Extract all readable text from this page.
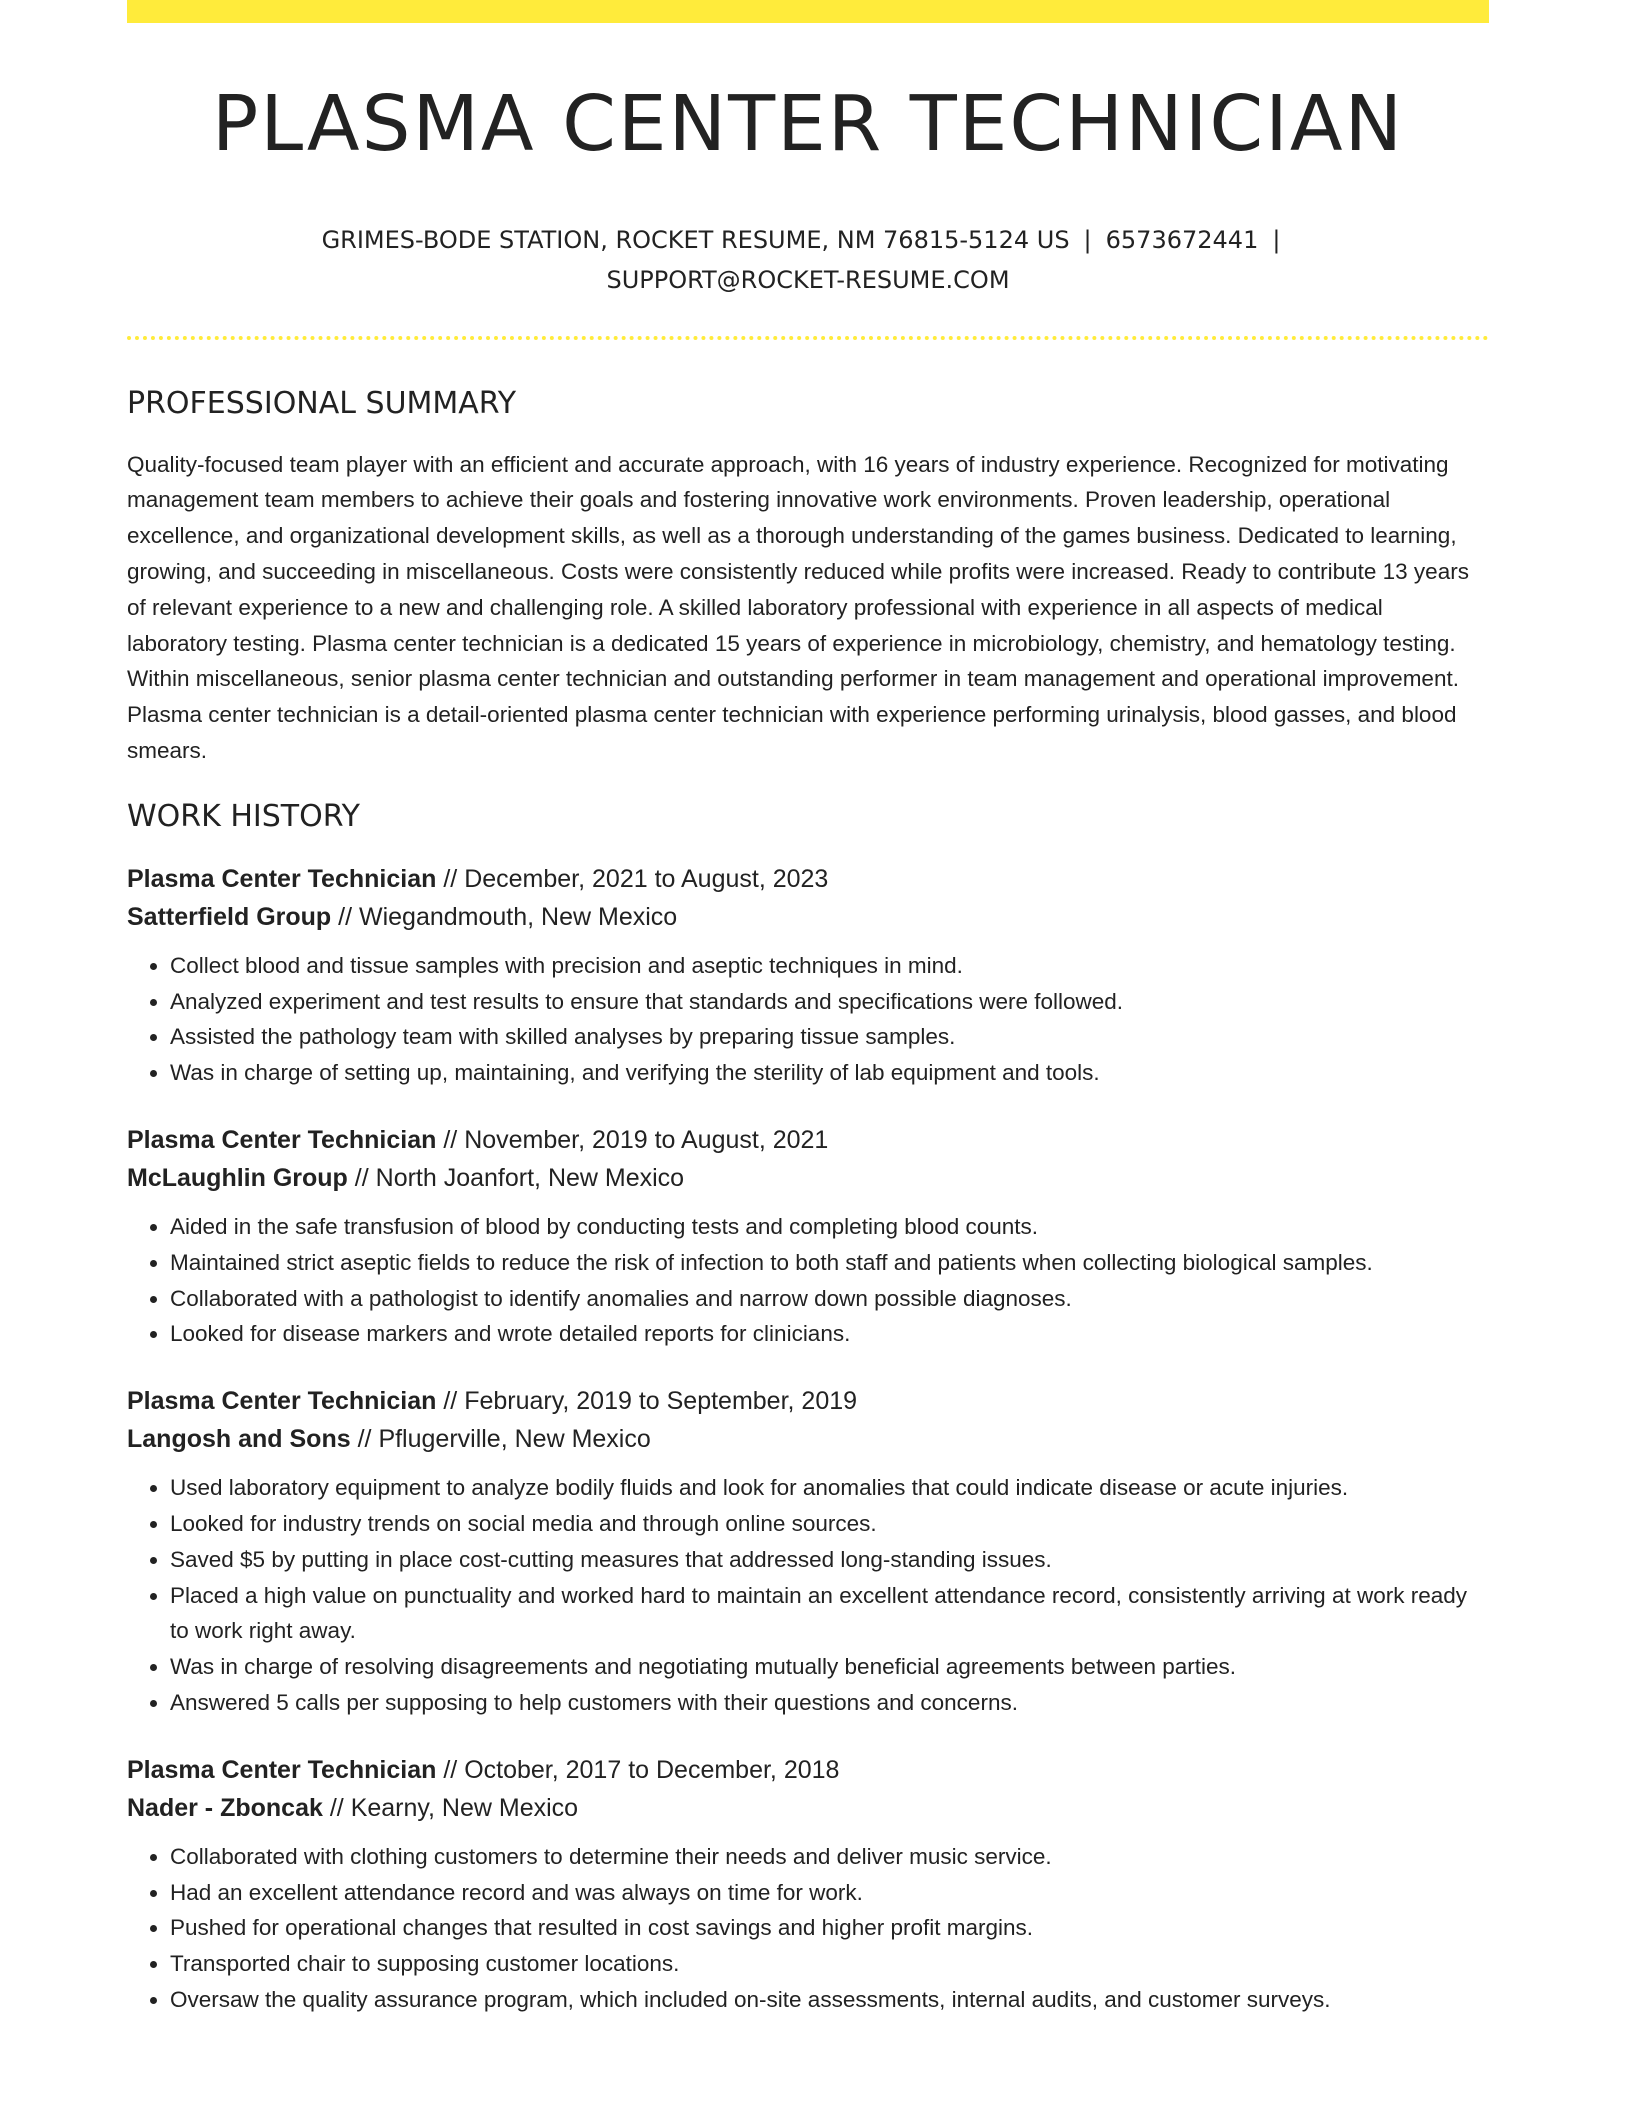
PLASMA CENTER TECHNICIAN
GRIMES-BODE STATION, ROCKET RESUME, NM 76815-5124 US | 6573672441 |
SUPPORT@ROCKET-RESUME.COM
PROFESSIONAL SUMMARY

Quality-focused team player with an efficient and accurate approach, with 16 years of industry experience. Recognized for motivating management team members to achieve their goals and fostering innovative work environments. Proven leadership, operational excellence, and organizational development skills, as well as a thorough understanding of the games business. Dedicated to learning, growing, and succeeding in miscellaneous. Costs were consistently reduced while profits were increased. Ready to contribute 13 years of relevant experience to a new and challenging role. A skilled laboratory professional with experience in all aspects of medical laboratory testing. Plasma center technician is a dedicated 15 years of experience in microbiology, chemistry, and hematology testing. Within miscellaneous, senior plasma center technician and outstanding performer in team management and operational improvement. Plasma center technician is a detail-oriented plasma center technician with experience performing urinalysis, blood gasses, and blood smears.

WORK HISTORY
Plasma Center Technician // December, 2021 to August, 2023
Satterfield Group // Wiegandmouth, New Mexico
• Collect blood and tissue samples with precision and aseptic techniques in mind.
• Analyzed experiment and test results to ensure that standards and specifications were followed.
• Assisted the pathology team with skilled analyses by preparing tissue samples.
• Was in charge of setting up, maintaining, and verifying the sterility of lab equipment and tools.
Plasma Center Technician // November, 2019 to August, 2021
McLaughlin Group // North Joanfort, New Mexico
• Aided in the safe transfusion of blood by conducting tests and completing blood counts.
• Maintained strict aseptic fields to reduce the risk of infection to both staff and patients when collecting biological samples.
• Collaborated with a pathologist to identify anomalies and narrow down possible diagnoses.
• Looked for disease markers and wrote detailed reports for clinicians.
Plasma Center Technician // February, 2019 to September, 2019
Langosh and Sons // Pflugerville, New Mexico
• Used laboratory equipment to analyze bodily fluids and look for anomalies that could indicate disease or acute injuries.
• Looked for industry trends on social media and through online sources.
• Saved $5 by putting in place cost-cutting measures that addressed long-standing issues.
• Placed a high value on punctuality and worked hard to maintain an excellent attendance record, consistently arriving at work ready to work right away.
• Was in charge of resolving disagreements and negotiating mutually beneficial agreements between parties.
• Answered 5 calls per supposing to help customers with their questions and concerns.
Plasma Center Technician // October, 2017 to December, 2018
Nader - Zboncak // Kearny, New Mexico
• Collaborated with clothing customers to determine their needs and deliver music service.
• Had an excellent attendance record and was always on time for work.
• Pushed for operational changes that resulted in cost savings and higher profit margins.
• Transported chair to supposing customer locations.
• Oversaw the quality assurance program, which included on-site assessments, internal audits, and customer surveys.
